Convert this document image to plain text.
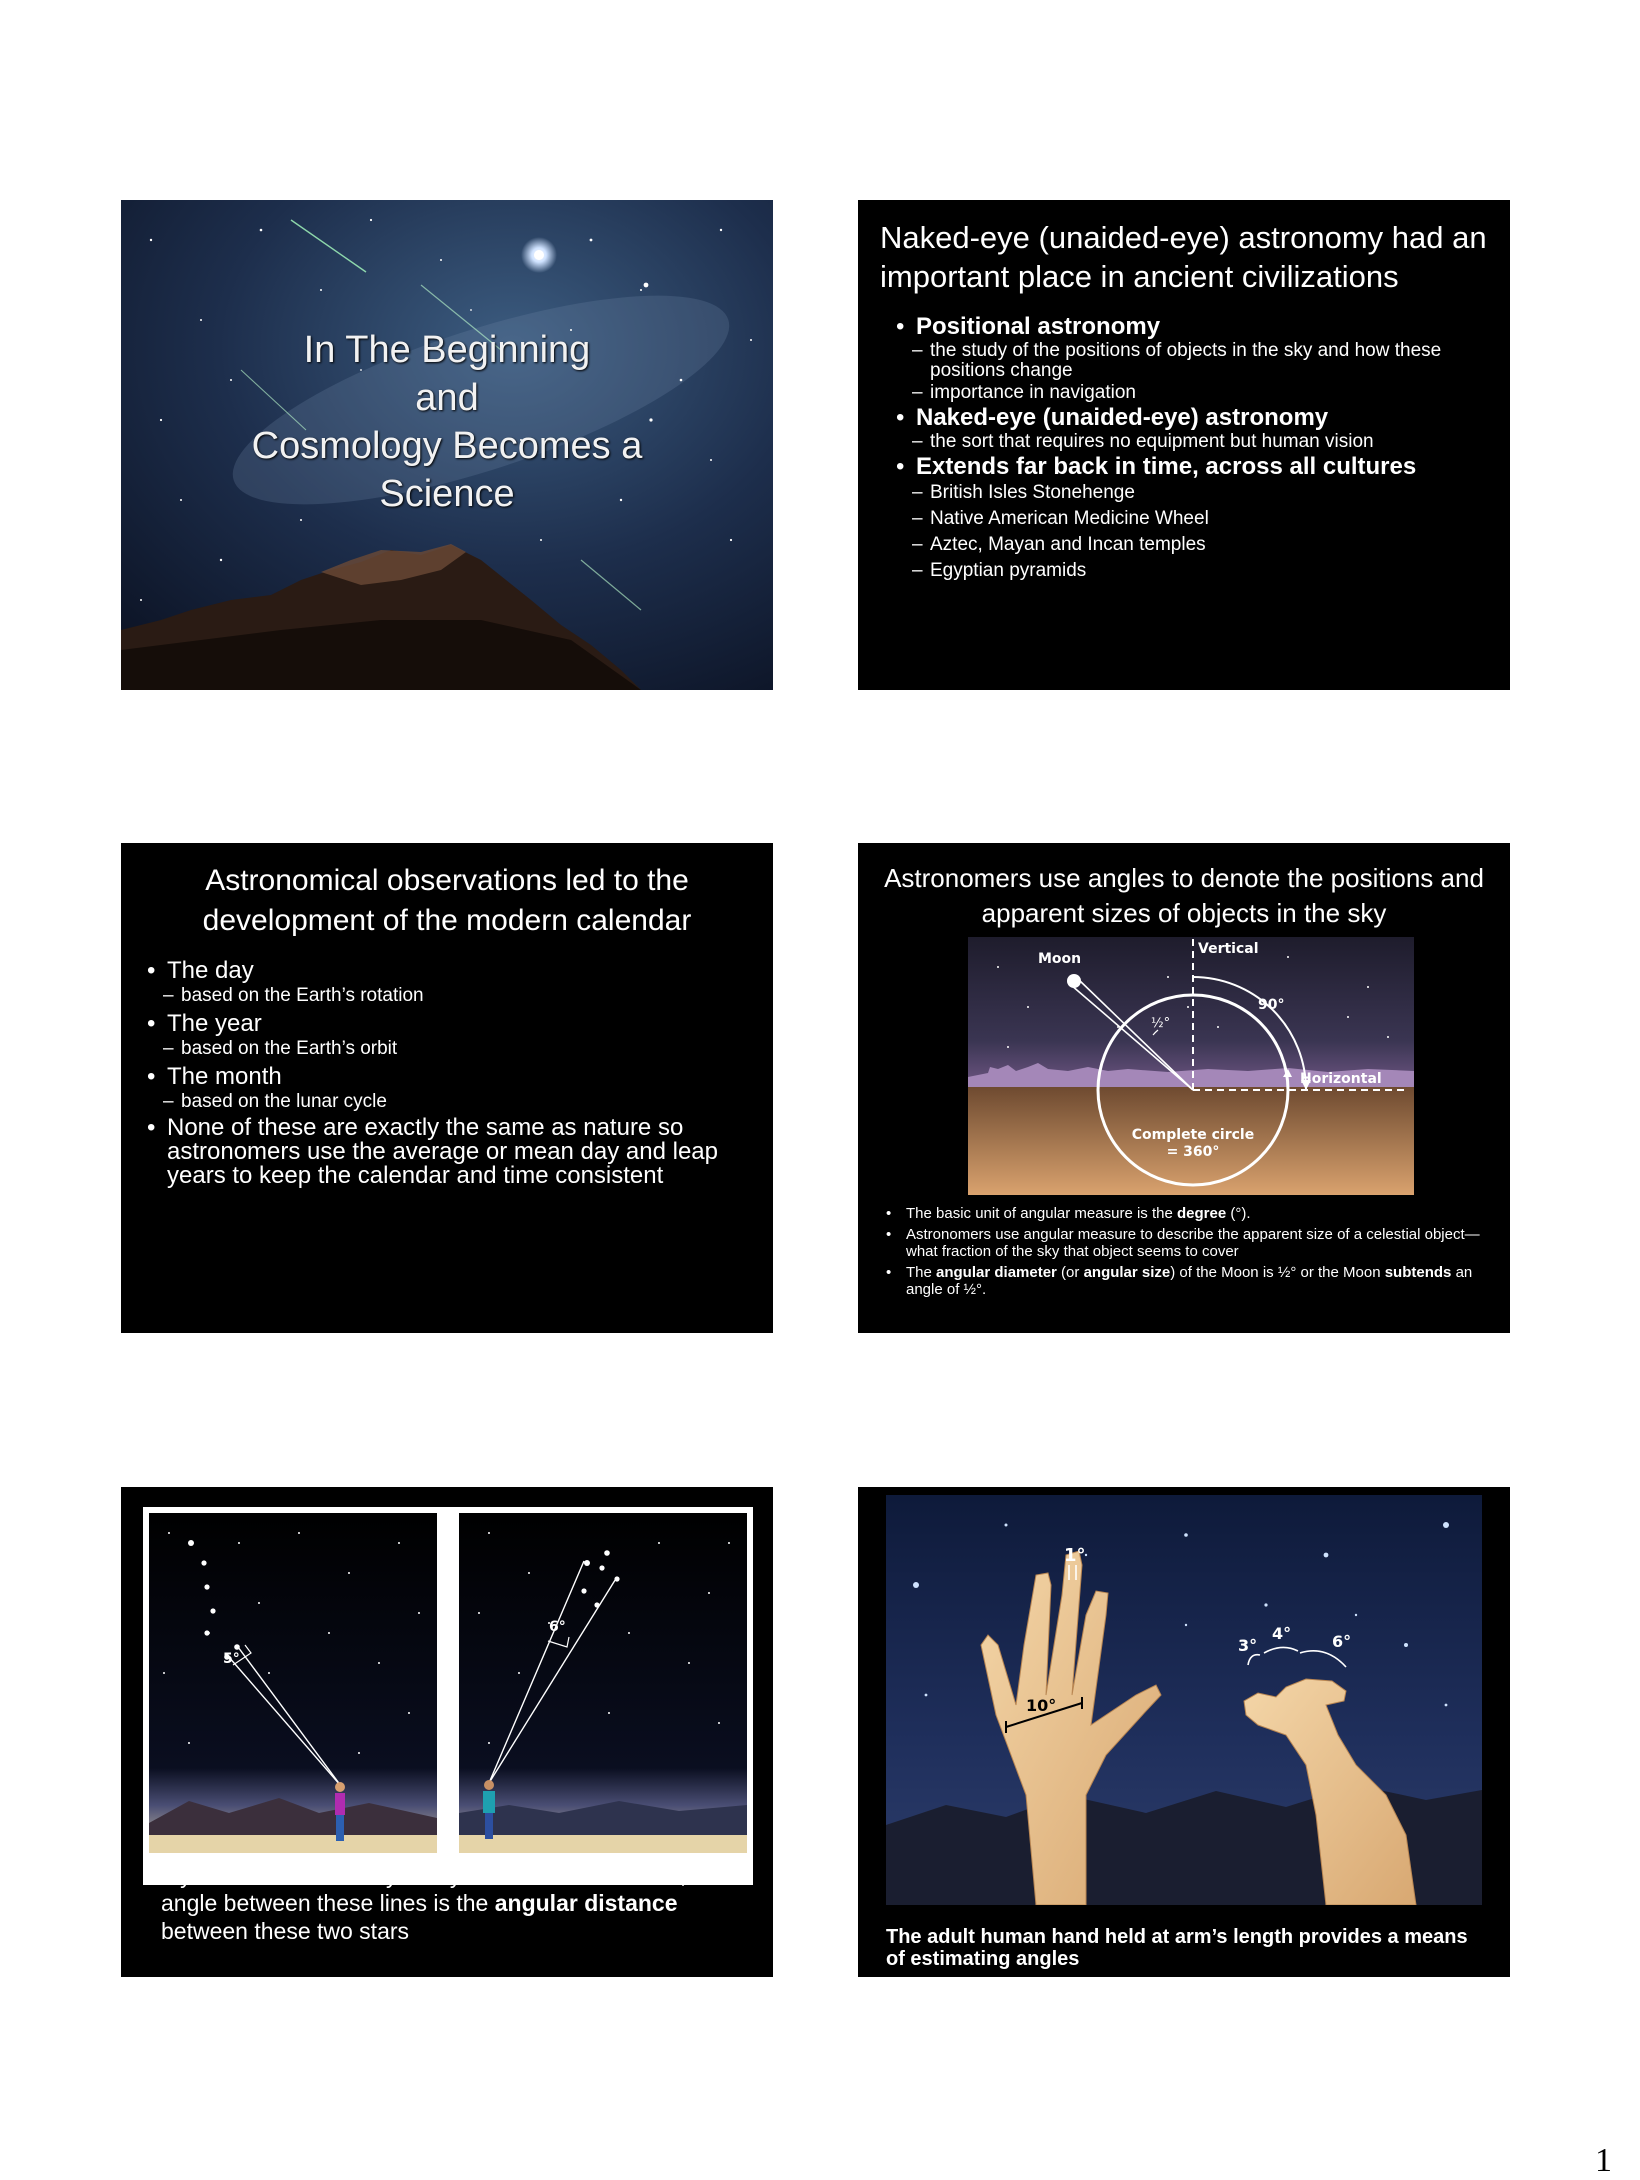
In The Beginning
and
Cosmology Becomes a
Science
Naked-eye (unaided-eye) astronomy had an important place in ancient civilizations
• Positional astronomy
– the study of the positions of objects in the sky and how these positions change
– importance in navigation
• Naked-eye (unaided-eye) astronomy
– the sort that requires no equipment but human vision
• Extends far back in time, across all cultures
– British Isles Stonehenge
– Native American Medicine Wheel
– Aztec, Mayan and Incan temples
– Egyptian pyramids
Astronomical observations led to the development of the modern calendar
• The day
– based on the Earth’s rotation
• The year
– based on the Earth’s orbit
• The month
– based on the lunar cycle
• None of these are exactly the same as nature so astronomers use the average or mean day and leap years to keep the calendar and time consistent
Astronomers use angles to denote the positions and apparent sizes of objects in the sky
Moon
Vertical
90°
½°
Horizontal
Complete circle
= 360°
• The basic unit of angular measure is the degree (°).
• Astronomers use angular measure to describe the apparent size of a celestial object—what fraction of the sky that object seems to cover
• The angular diameter (or angular size) of the Moon is ½° or the Moon subtends an angle of ½°.
5°
6°
If you draw lines from your eye to each of two stars, the angle between these lines is the angular distance between these two stars
1°
10°
3°
4°	6°
The adult human hand held at arm’s length provides a means of estimating angles
1
